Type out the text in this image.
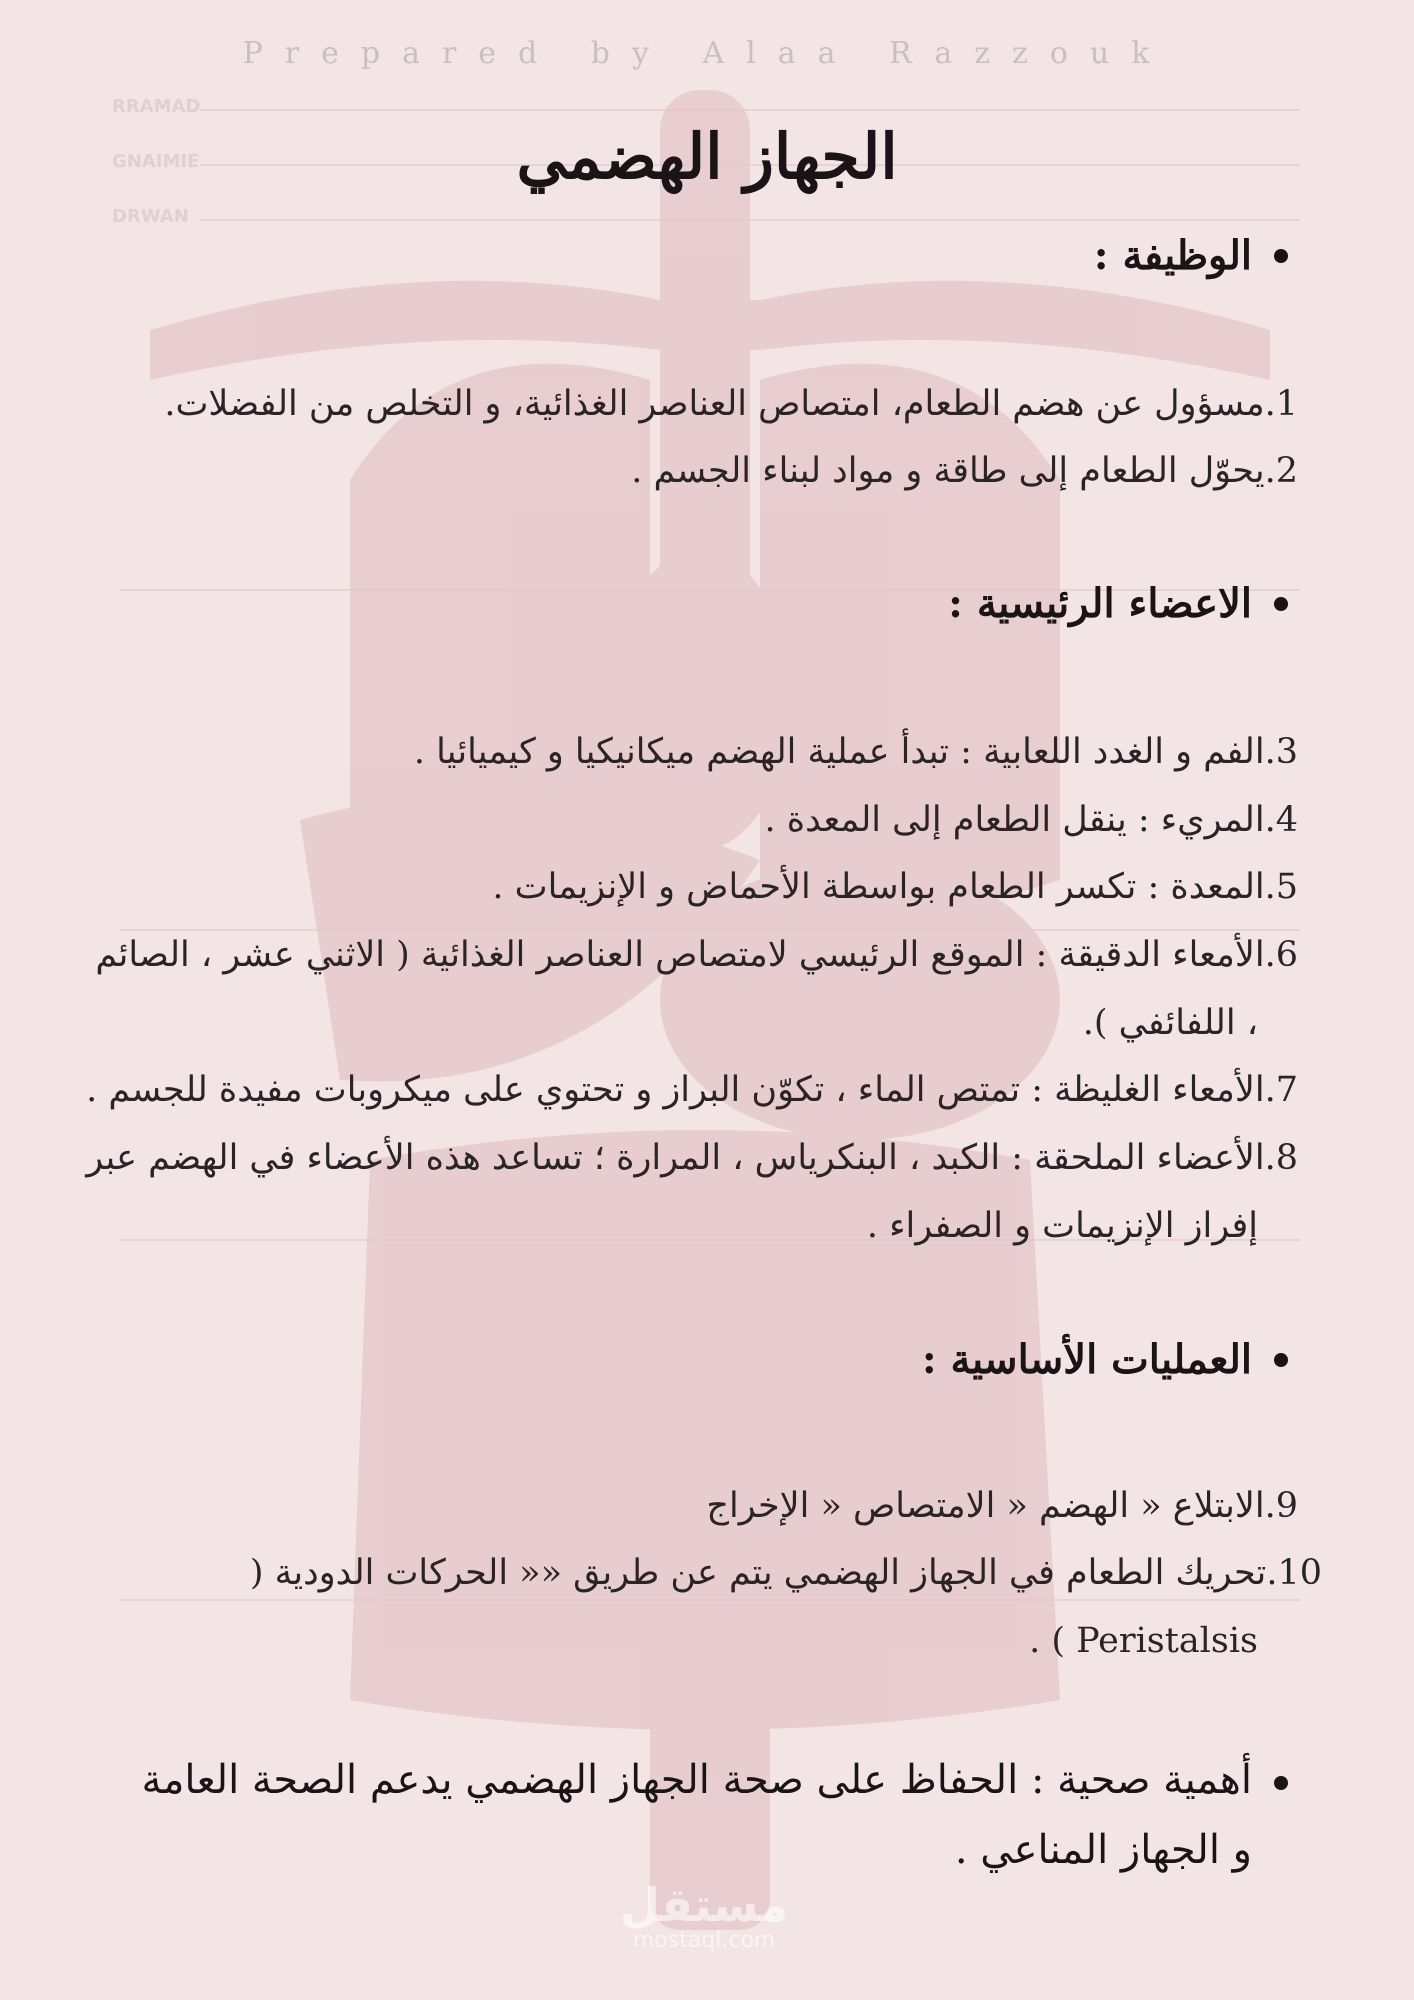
RRAMAD
GNAIMIE
DRWAN
Prepared by Alaa Razzouk
الجهاز الهضمي
الوظيفة :
1.مسؤول عن هضم الطعام، امتصاص العناصر الغذائية، و التخلص من الفضلات.
2.يحوّل الطعام إلى طاقة و مواد لبناء الجسم .
الاعضاء الرئيسية :
3.الفم و الغدد اللعابية : تبدأ عملية الهضم ميكانيكيا و كيميائيا .
4.المريء : ينقل الطعام إلى المعدة .
5.المعدة : تكسر الطعام بواسطة الأحماض و الإنزيمات .
6.الأمعاء الدقيقة : الموقع الرئيسي لامتصاص العناصر الغذائية ( الاثني عشر ، الصائم
، اللفائفي ).
7.الأمعاء الغليظة : تمتص الماء ، تكوّن البراز و تحتوي على ميكروبات مفيدة للجسم .
8.الأعضاء الملحقة : الكبد ، البنكرياس ، المرارة ؛ تساعد هذه الأعضاء في الهضم عبر
إفراز الإنزيمات و الصفراء .
العمليات الأساسية :
9.الابتلاع « الهضم « الامتصاص « الإخراج
10.تحريك الطعام في الجهاز الهضمي يتم عن طريق «« الحركات الدودية (
Peristalsis ) .
أهمية صحية : الحفاظ على صحة الجهاز الهضمي يدعم الصحة العامة
و الجهاز المناعي .
مستقل
mostaql.com
